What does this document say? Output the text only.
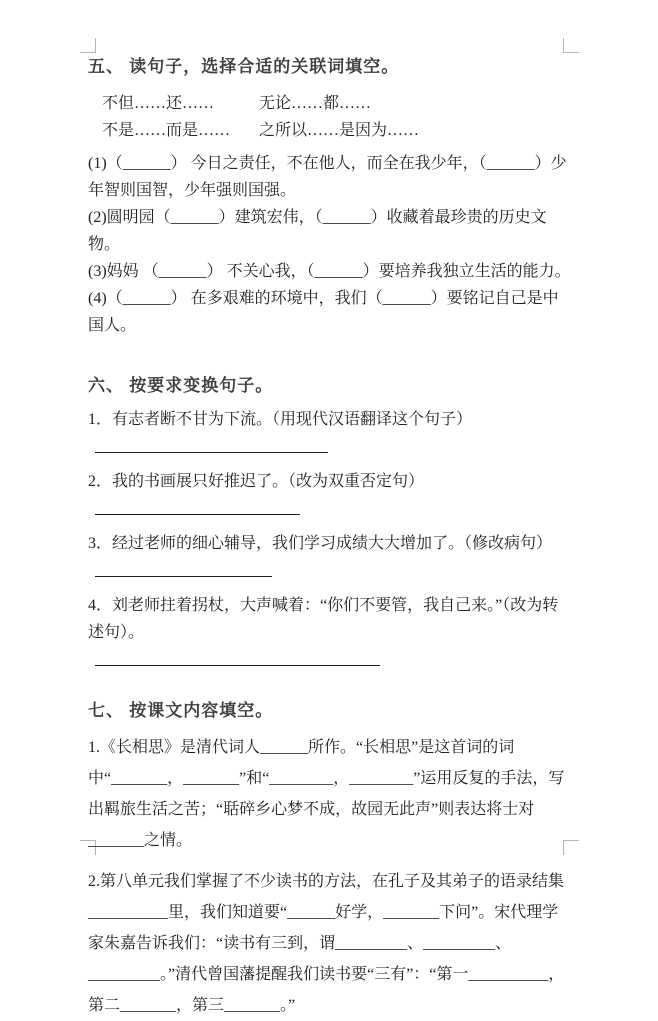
五、 读句子，选择合适的关联词填空。
不但……还……	无论……都……
不是……而是…… 之所以……是因为……
(1)（______） 今日之责任，不在他人，而全在我少年，（______）少年智则国智，少年强则国强。
(2)圆明园（______）建筑宏伟，（______）收藏着最珍贵的历史文物。
(3)妈妈 （______） 不关心我，（______）要培养我独立生活的能力。
(4)（______） 在多艰难的环境中，我们（______）要铭记自己是中国人。
六、 按要求变换句子。
1．有志者断不甘为下流。（用现代汉语翻译这个句子）
2．我的书画展只好推迟了。（改为双重否定句）
3．经过老师的细心辅导，我们学习成绩大大增加了。（修改病句）
4．刘老师拄着拐杖，大声喊着：“你们不要管，我自己来。”（改为转述句）。
七、 按课文内容填空。
1.《长相思》是清代词人______所作。“长相思”是这首词的词中“_______，_______”和“________，________”运用反复的手法，写出羁旅生活之苦；“聒碎乡心梦不成，故园无此声”则表达将士对_______之情。
2.第八单元我们掌握了不少读书的方法，在孔子及其弟子的语录结集__________里，我们知道要“______好学，_______下问”。宋代理学家朱嘉告诉我们：“读书有三到，谓_________、_________、_________。”清代曾国藩提醒我们读书要“三有”：“第一__________，第二_______，第三_______。”
